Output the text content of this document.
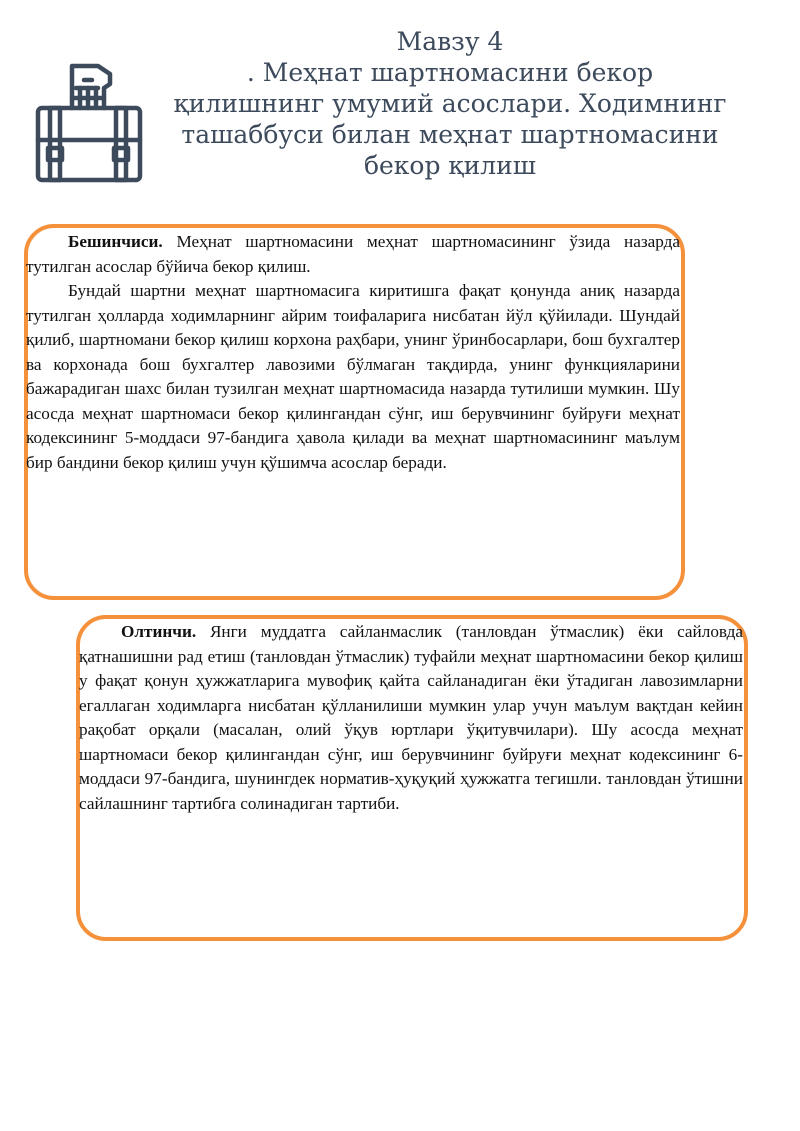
Мавзу 4
. Меҳнат шартномасини бекор
қилишнинг умумий асослари. Ходимнинг
ташаббуси билан меҳнат шартномасини
бекор қилиш

Бешинчиси. Меҳнат шартномасини меҳнат шартномасининг ўзида назарда тутилган асослар бўйича бекор қилиш.

Бундай шартни меҳнат шартномасига киритишга фақат қонунда аниқ назарда тутилган ҳолларда ходимларнинг айрим тоифаларига нисбатан йўл қўйилади. Шундай қилиб, шартномани бекор қилиш корхона раҳбари, унинг ўринбосарлари, бош бухгалтер ва корхонада бош бухгалтер лавозими бўлмаган тақдирда, унинг функцияларини бажарадиган шахс билан тузилган меҳнат шартномасида назарда тутилиши мумкин. Шу асосда меҳнат шартномаси бекор қилингандан сўнг, иш берувчининг буйруғи меҳнат кодексининг 5-моддаси 97-бандига ҳавола қилади ва меҳнат шартномасининг маълум бир бандини бекор қилиш учун қўшимча асослар беради.

Олтинчи. Янги муддатга сайланмаслик (танловдан ўтмаслик) ёки сайловда қатнашишни рад етиш (танловдан ўтмаслик) туфайли меҳнат шартномасини бекор қилиш у фақат қонун ҳужжатларига мувофиқ қайта сайланадиган ёки ўтадиган лавозимларни егаллаган ходимларга нисбатан қўлланилиши мумкин улар учун маълум вақтдан кейин рақобат орқали (масалан, олий ўқув юртлари ўқитувчилари). Шу асосда меҳнат шартномаси бекор қилингандан сўнг, иш берувчининг буйруғи меҳнат кодексининг 6-моддаси 97-бандига, шунингдек норматив-ҳуқуқий ҳужжатга тегишли. танловдан ўтишни сайлашнинг тартибга солинадиган тартиби.
